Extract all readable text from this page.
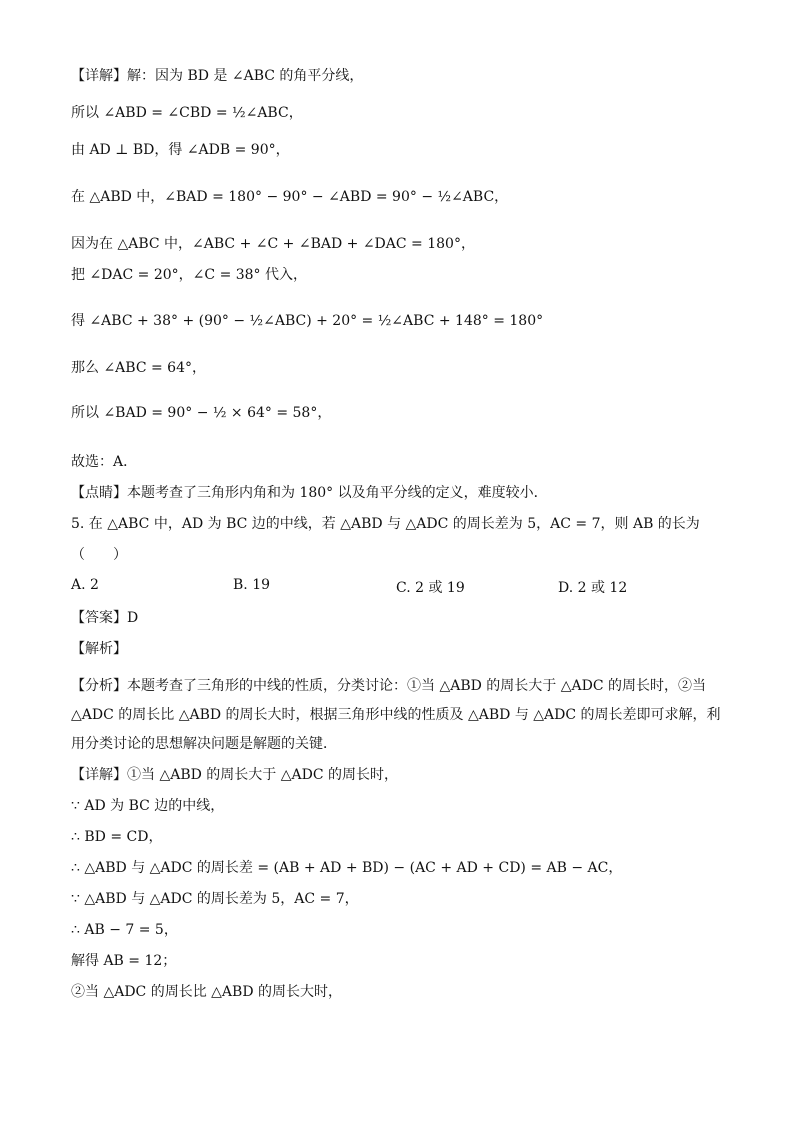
【详解】解：因为 BD 是 ∠ABC 的角平分线，
所以 ∠ABD = ∠CBD = ½∠ABC，
由 AD ⊥ BD，得 ∠ADB = 90°，
在 △ABD 中，∠BAD = 180° − 90° − ∠ABD = 90° − ½∠ABC，
因为在 △ABC 中，∠ABC + ∠C + ∠BAD + ∠DAC = 180°，
把 ∠DAC = 20°，∠C = 38° 代入，
得 ∠ABC + 38° + (90° − ½∠ABC) + 20° = ½∠ABC + 148° = 180°
那么 ∠ABC = 64°，
所以 ∠BAD = 90° − ½ × 64° = 58°，
故选：A．
【点睛】本题考查了三角形内角和为 180° 以及角平分线的定义，难度较小．
5. 在 △ABC 中，AD 为 BC 边的中线，若 △ABD 与 △ADC 的周长差为 5，AC = 7，则 AB 的长为
（　　）
A. 2	B. 19	C. 2 或 19	D. 2 或 12
【答案】D
【解析】
【分析】本题考查了三角形的中线的性质，分类讨论：①当 △ABD 的周长大于 △ADC 的周长时，②当 △ADC 的周长比 △ABD 的周长大时，根据三角形中线的性质及 △ABD 与 △ADC 的周长差即可求解，利用分类讨论的思想解决问题是解题的关键．
【详解】①当 △ABD 的周长大于 △ADC 的周长时，
∵ AD 为 BC 边的中线，
∴ BD = CD，
∴ △ABD 与 △ADC 的周长差 = (AB + AD + BD) − (AC + AD + CD) = AB − AC，
∵ △ABD 与 △ADC 的周长差为 5，AC = 7，
∴ AB − 7 = 5，
解得 AB = 12；
②当 △ADC 的周长比 △ABD 的周长大时，
